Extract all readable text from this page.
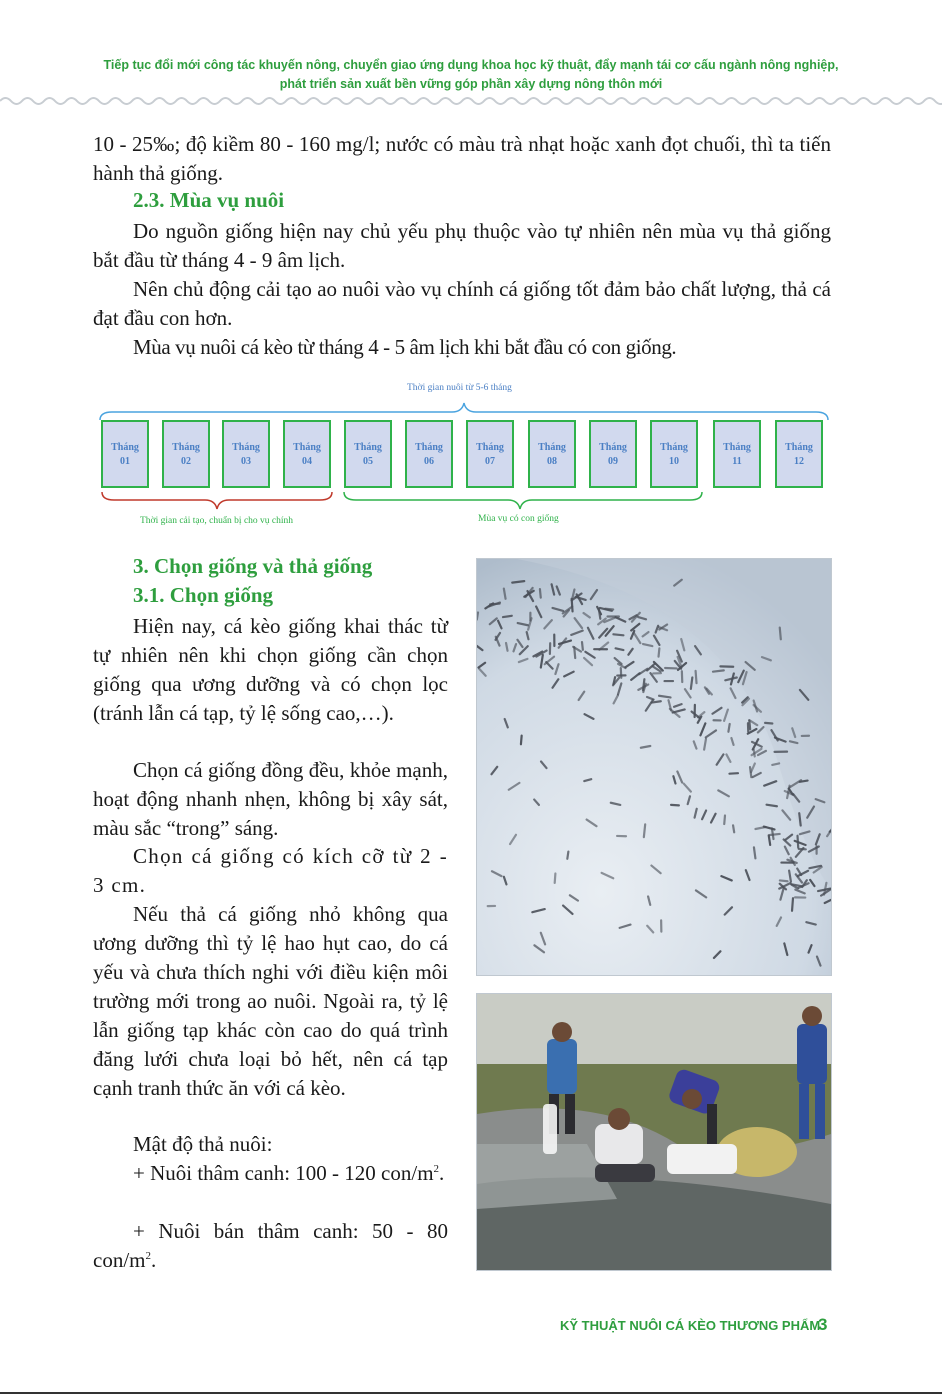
Tiếp tục đổi mới công tác khuyến nông, chuyển giao ứng dụng khoa học kỹ thuật, đẩy mạnh tái cơ cấu ngành nông nghiệp,
phát triển sản xuất bền vững góp phần xây dựng nông thôn mới

10 - 25‰; độ kiềm 80 - 160 mg/l; nước có màu trà nhạt hoặc xanh đọt chuối, thì ta tiến hành thả giống.

2.3. Mùa vụ nuôi

Do nguồn giống hiện nay chủ yếu phụ thuộc vào tự nhiên nên mùa vụ thả giống bắt đầu từ tháng 4 - 9 âm lịch.

Nên chủ động cải tạo ao nuôi vào vụ chính cá giống tốt đảm bảo chất lượng, thả cá đạt đầu con hơn.

Mùa vụ nuôi cá kèo từ tháng 4 - 5 âm lịch khi bắt đầu có con giống.

Thời gian nuôi từ 5-6 tháng
Thời gian cải tạo, chuẩn bị cho vụ chính	Mùa vụ có con giống
Tháng
01
Tháng
02
Tháng
03
Tháng
04
Tháng
05
Tháng
06
Tháng
07
Tháng
08
Tháng
09
Tháng
10
Tháng
11
Tháng
12

3. Chọn giống và thả giống

3.1. Chọn giống

Hiện nay, cá kèo giống khai thác từ tự nhiên nên khi chọn giống cần chọn giống qua ương dưỡng và có chọn lọc (tránh lẫn cá tạp, tỷ lệ sống cao,…).

Chọn cá giống đồng đều, khỏe mạnh, hoạt động nhanh nhẹn, không bị xây sát, màu sắc “trong” sáng.

Chọn cá giống có kích cỡ từ 2 - 3 cm.

Nếu thả cá giống nhỏ không qua ương dưỡng thì tỷ lệ hao hụt cao, do cá yếu và chưa thích nghi với điều kiện môi trường mới trong ao nuôi. Ngoài ra, tỷ lệ lẫn giống tạp khác còn cao do quá trình đăng lưới chưa loại bỏ hết, nên cá tạp cạnh tranh thức ăn với cá kèo.

Mật độ thả nuôi:

+ Nuôi thâm canh: 100 - 120 con/$m^2$.

+ Nuôi bán thâm canh: 50 - 80 con/$m^2$.

KỸ THUẬT NUÔI CÁ KÈO THƯƠNG PHẨM
3
